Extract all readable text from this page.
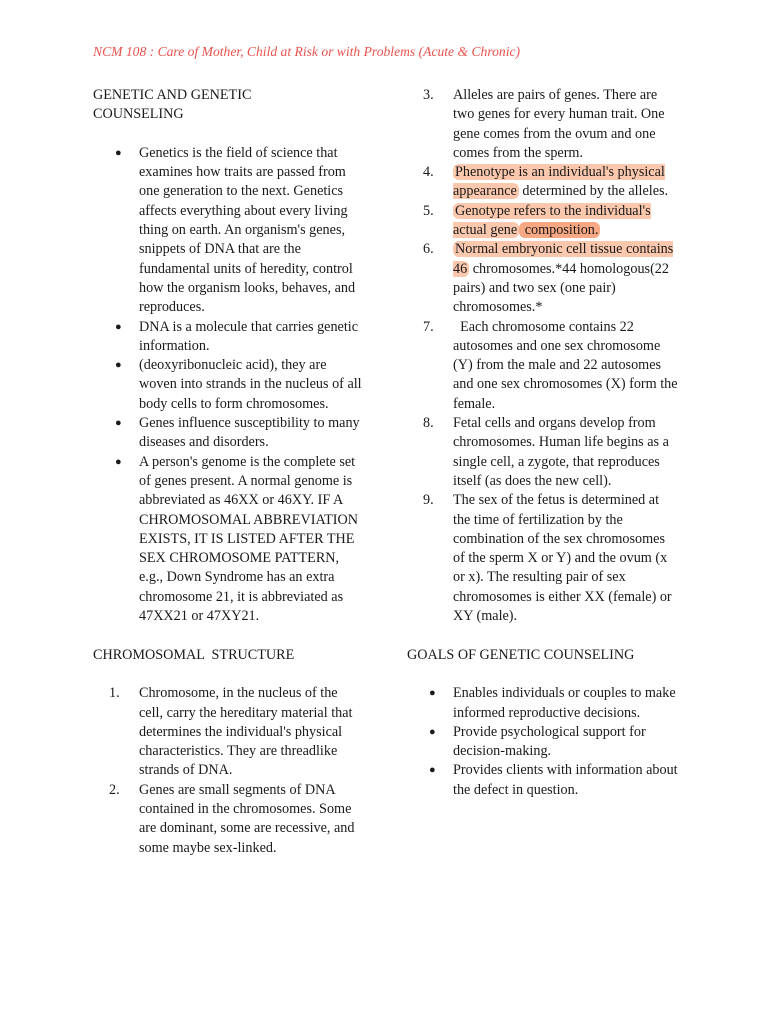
NCM 108 : Care of Mother, Child at Risk or with Problems (Acute & Chronic)
GENETIC AND GENETIC COUNSELING
●	Genetics is the field of science that examines how traits are passed from one generation to the next. Genetics affects everything about every living thing on earth. An organism's genes, snippets of DNA that are the fundamental units of heredity, control how the organism looks, behaves, and reproduces.
●	DNA is a molecule that carries genetic information.
●	(deoxyribonucleic acid), they are woven into strands in the nucleus of all body cells to form chromosomes.
●	Genes influence susceptibility to many diseases and disorders.
●	A person's genome is the complete set of genes present. A normal genome is abbreviated as 46XX or 46XY. IF A CHROMOSOMAL ABBREVIATION EXISTS, IT IS LISTED AFTER THE SEX CHROMOSOME PATTERN, e.g., Down Syndrome has an extra chromosome 21, it is abbreviated as 47XX21 or 47XY21.
CHROMOSOMAL  STRUCTURE
1.	Chromosome, in the nucleus of the cell, carry the hereditary material that determines the individual's physical characteristics. They are threadlike strands of DNA.
2.	Genes are small segments of DNA contained in the chromosomes. Some are dominant, some are recessive, and some maybe sex-linked.
3.	Alleles are pairs of genes. There are two genes for every human trait. One gene comes from the ovum and one comes from the sperm.
4.	Phenotype is an individual's physical appearance determined by the alleles.
5.	Genotype refers to the individual's actual gene composition.
6.	Normal embryonic cell tissue contains 46 chromosomes.*44 homologous(22 pairs) and two sex (one pair) chromosomes.*
7.	Each chromosome contains 22 autosomes and one sex chromosome (Y) from the male and 22 autosomes and one sex chromosomes (X) form the female.
8.	Fetal cells and organs develop from chromosomes. Human life begins as a single cell, a zygote, that reproduces itself (as does the new cell).
9.	The sex of the fetus is determined at the time of fertilization by the combination of the sex chromosomes of the sperm X or Y) and the ovum (x or x). The resulting pair of sex chromosomes is either XX (female) or XY (male).
GOALS OF GENETIC COUNSELING
●	Enables individuals or couples to make informed reproductive decisions.
●	Provide psychological support for decision-making.
●	Provides clients with information about the defect in question.
